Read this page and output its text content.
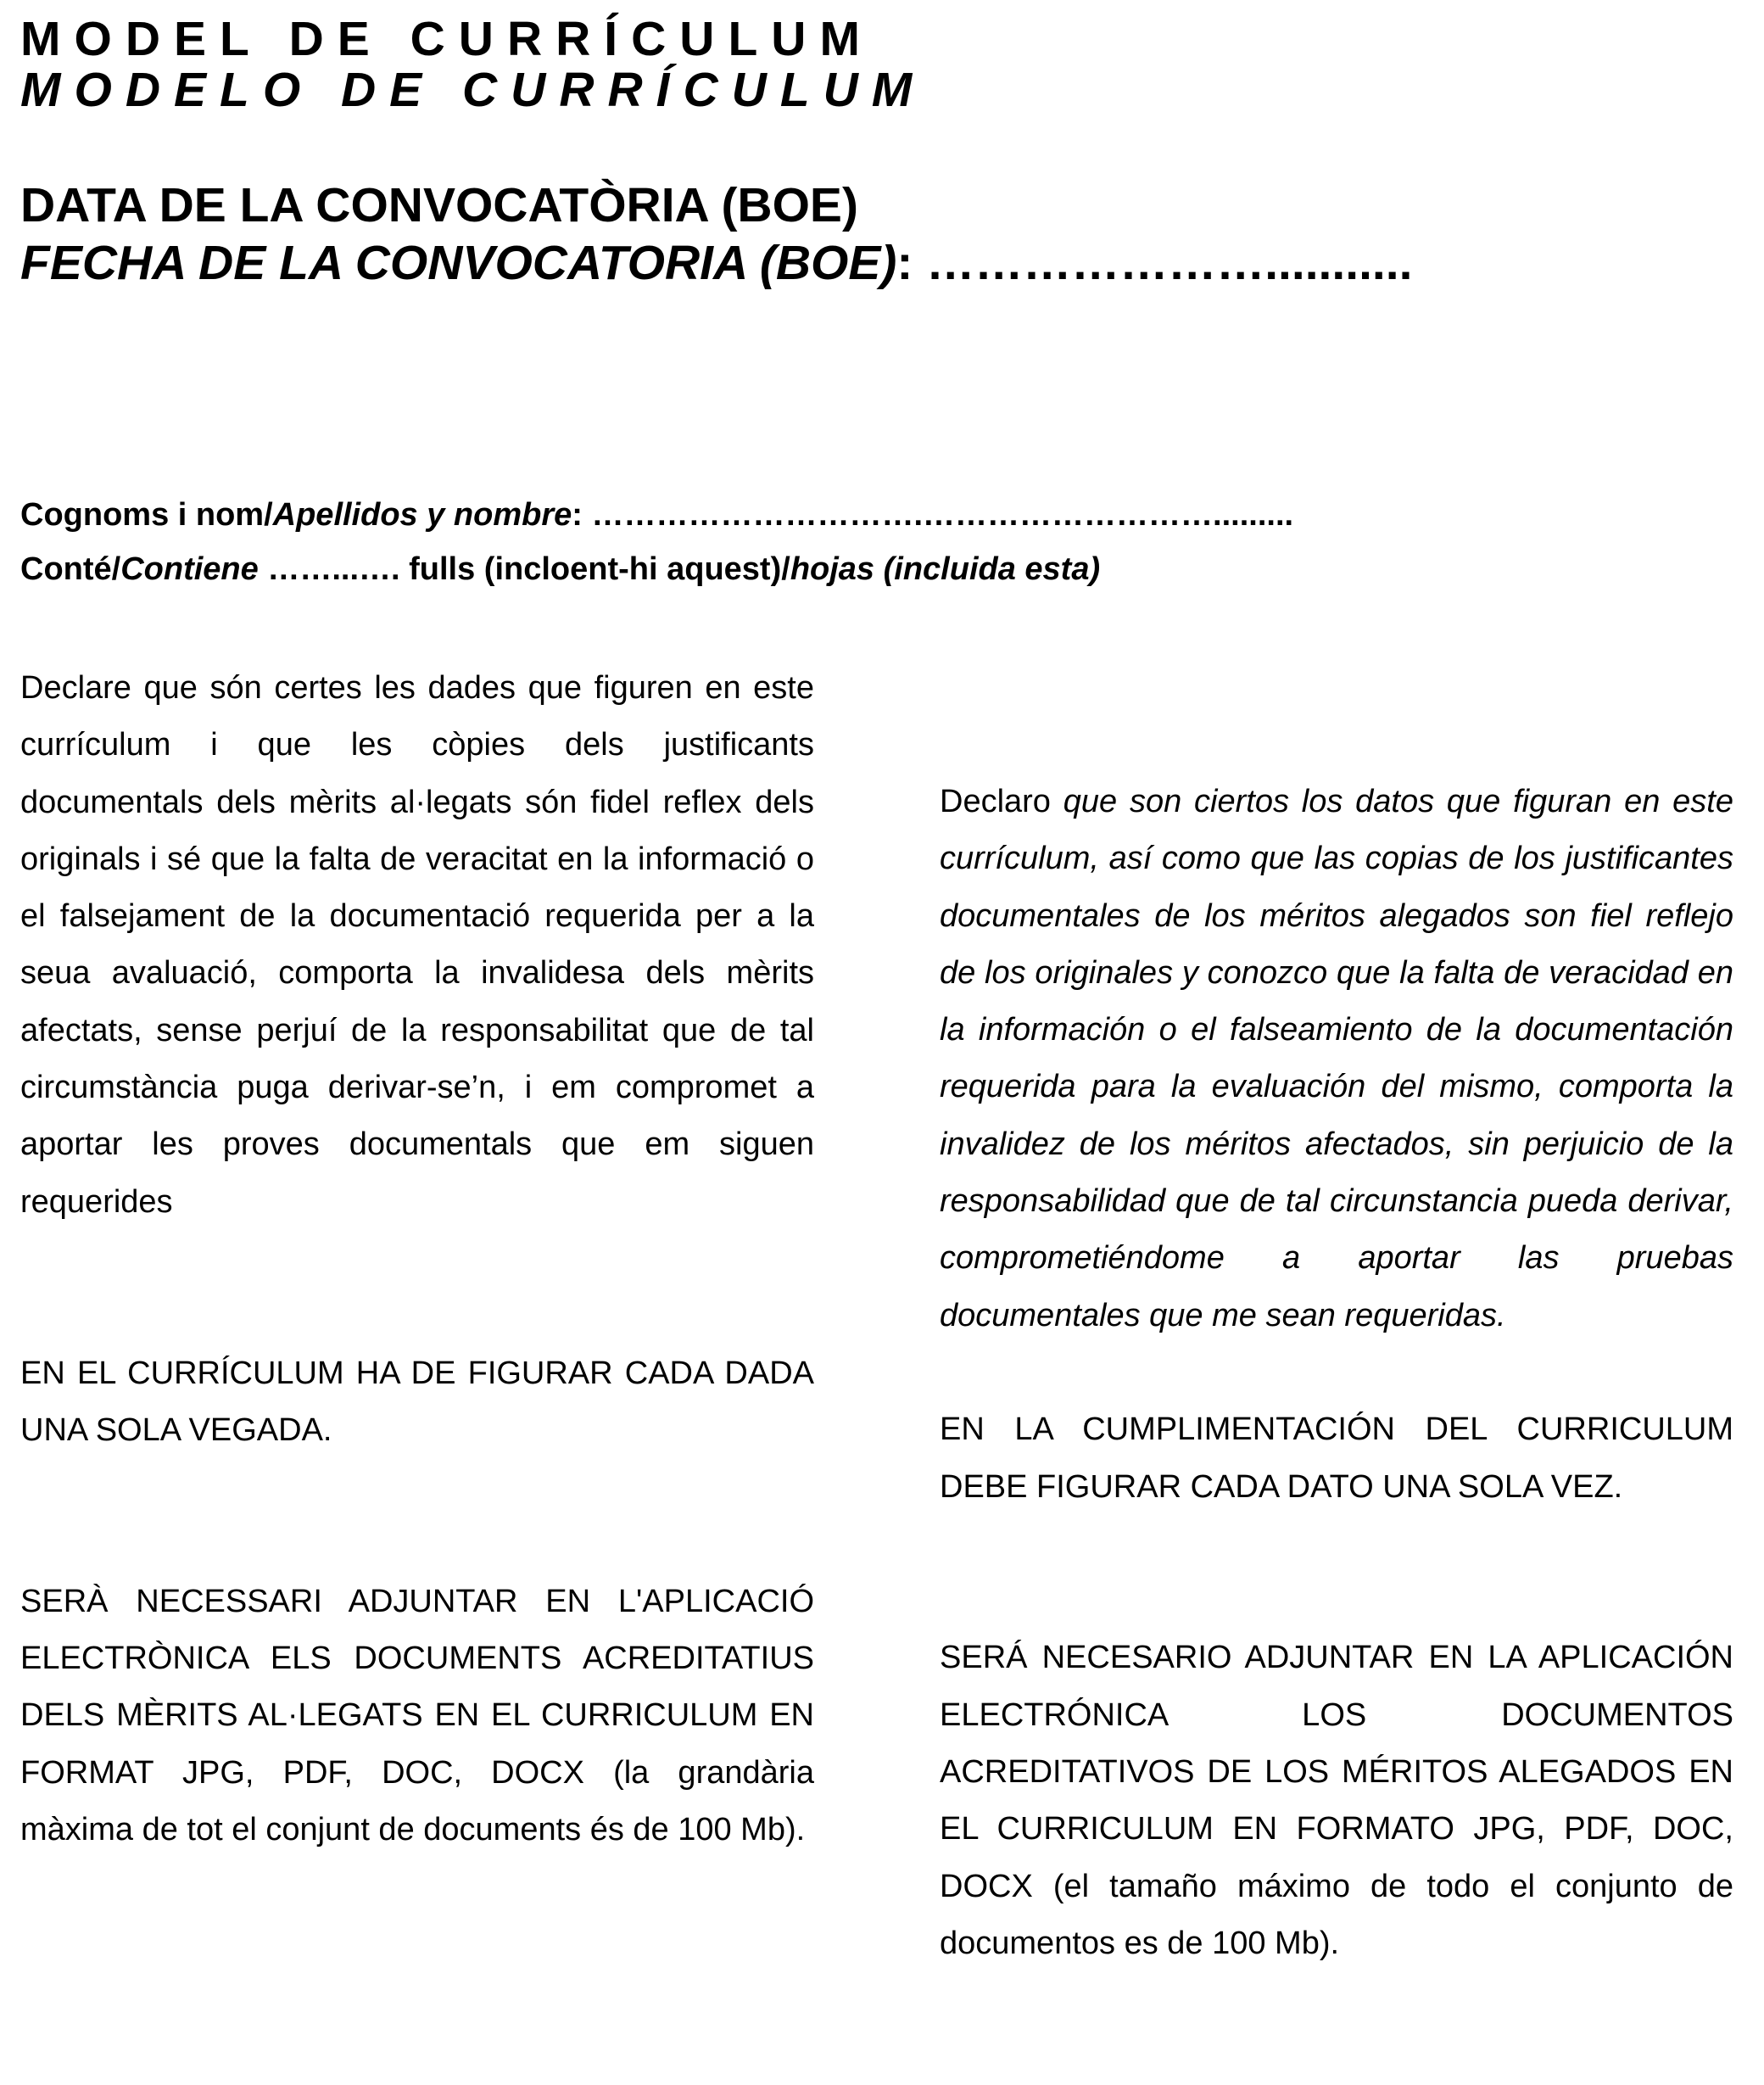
MODEL DE CURRÍCULUM
MODELO DE CURRÍCULUM
DATA DE LA CONVOCATÒRIA (BOE)
FECHA DE LA CONVOCATORIA (BOE): …………………...........
Cognoms i nom/Apellidos y nombre: ………………………….……………………….........
Conté/Contiene ……...…. fulls (incloent-hi aquest)/hojas (incluida esta)

Declare que són certes les dades que figuren en este currículum i que les còpies dels justificants documentals dels mèrits al·legats són fidel reflex dels originals i sé que la falta de veracitat en la informació o el falsejament de la documentació requerida per a la seua avaluació, comporta la invalidesa dels mèrits afectats, sense perjuí de la responsabilitat que de tal circumstància puga derivar-se’n, i em compromet a aportar les proves documentals que em siguen requerides

EN EL CURRÍCULUM HA DE FIGURAR CADA DADA UNA SOLA VEGADA.

SERÀ NECESSARI ADJUNTAR EN L'APLICACIÓ ELECTRÒNICA ELS DOCUMENTS ACREDITATIUS DELS MÈRITS AL·LEGATS EN EL CURRICULUM EN FORMAT JPG, PDF, DOC, DOCX (la grandària màxima de tot el conjunt de documents és de 100 Mb).

Declaro que son ciertos los datos que figuran en este currículum, así como que las copias de los justificantes documentales de los méritos alegados son fiel reflejo de los originales y conozco que la falta de veracidad en la información o el falseamiento de la documentación requerida para la evaluación del mismo, comporta la invalidez de los méritos afectados, sin perjuicio de la responsabilidad que de tal circunstancia pueda derivar, comprometiéndome a aportar las pruebas documentales que me sean requeridas.

EN LA CUMPLIMENTACIÓN DEL CURRICULUM DEBE FIGURAR CADA DATO UNA SOLA VEZ.

SERÁ NECESARIO ADJUNTAR EN LA APLICACIÓN ELECTRÓNICA LOS DOCUMENTOS ACREDITATIVOS DE LOS MÉRITOS ALEGADOS EN EL CURRICULUM EN FORMATO JPG, PDF, DOC, DOCX (el tamaño máximo de todo el conjunto de documentos es de 100 Mb).
